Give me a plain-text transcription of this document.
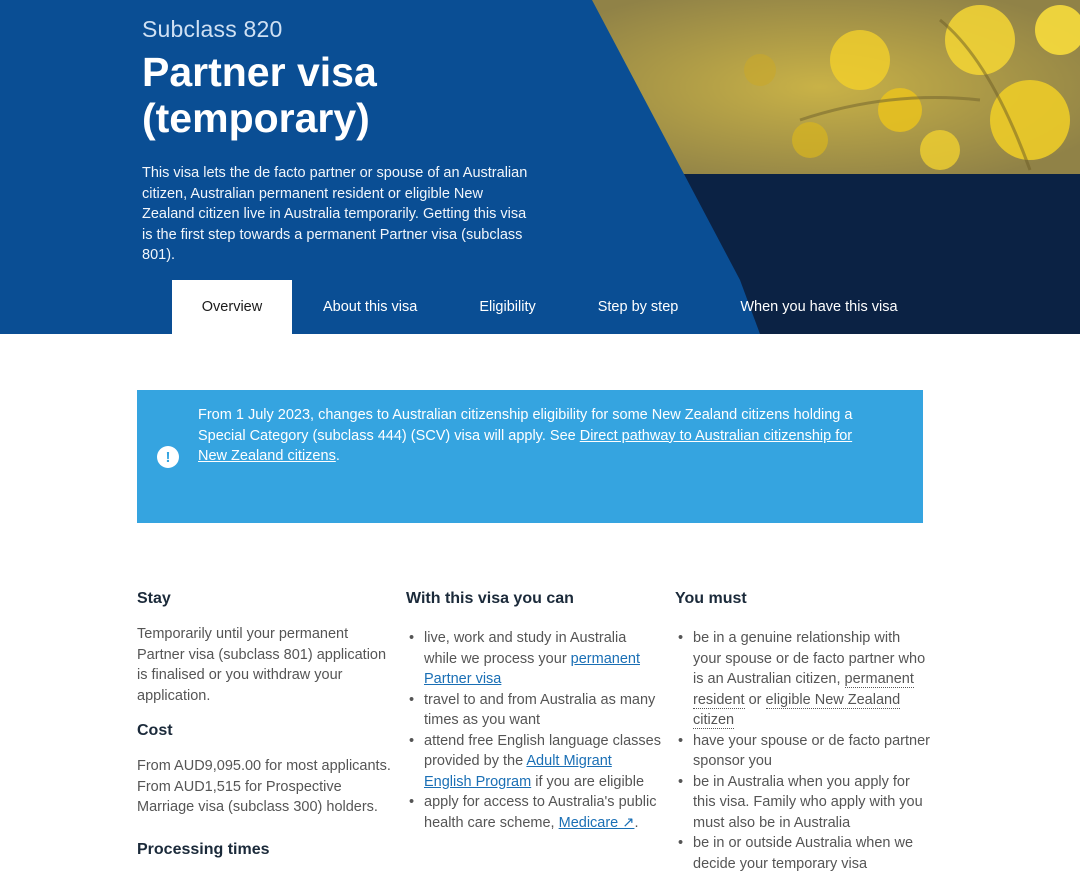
Subclass 820
Partner visa
(temporary)

This visa lets the de facto partner or spouse of an Australian citizen, Australian permanent resident or eligible New Zealand citizen live in Australia temporarily. Getting this visa is the first step towards a permanent Partner visa (subclass 801).

Overview	About this visa	Eligibility	Step by step	When you have this visa
!

From 1 July 2023, changes to Australian citizenship eligibility for some New Zealand citizens holding a Special Category (subclass 444) (SCV) visa will apply. See Direct pathway to Australian citizenship for New Zealand citizens.

Stay

Temporarily until your permanent Partner visa (subclass 801) application is finalised or you withdraw your application.

Cost

From AUD9,095.00 for most applicants. From AUD1,515 for Prospective Marriage visa (subclass 300) holders.

Processing times
With this visa you can
• live, work and study in Australia while we process your permanent Partner visa
• travel to and from Australia as many times as you want
• attend free English language classes provided by the Adult Migrant English Program if you are eligible
• apply for access to Australia's public health care scheme, Medicare ↗.
You must
• be in a genuine relationship with your spouse or de facto partner who is an Australian citizen, permanent resident or eligible New Zealand citizen
• have your spouse or de facto partner sponsor you
• be in Australia when you apply for this visa. Family who apply with you must also be in Australia
• be in or outside Australia when we decide your temporary visa
